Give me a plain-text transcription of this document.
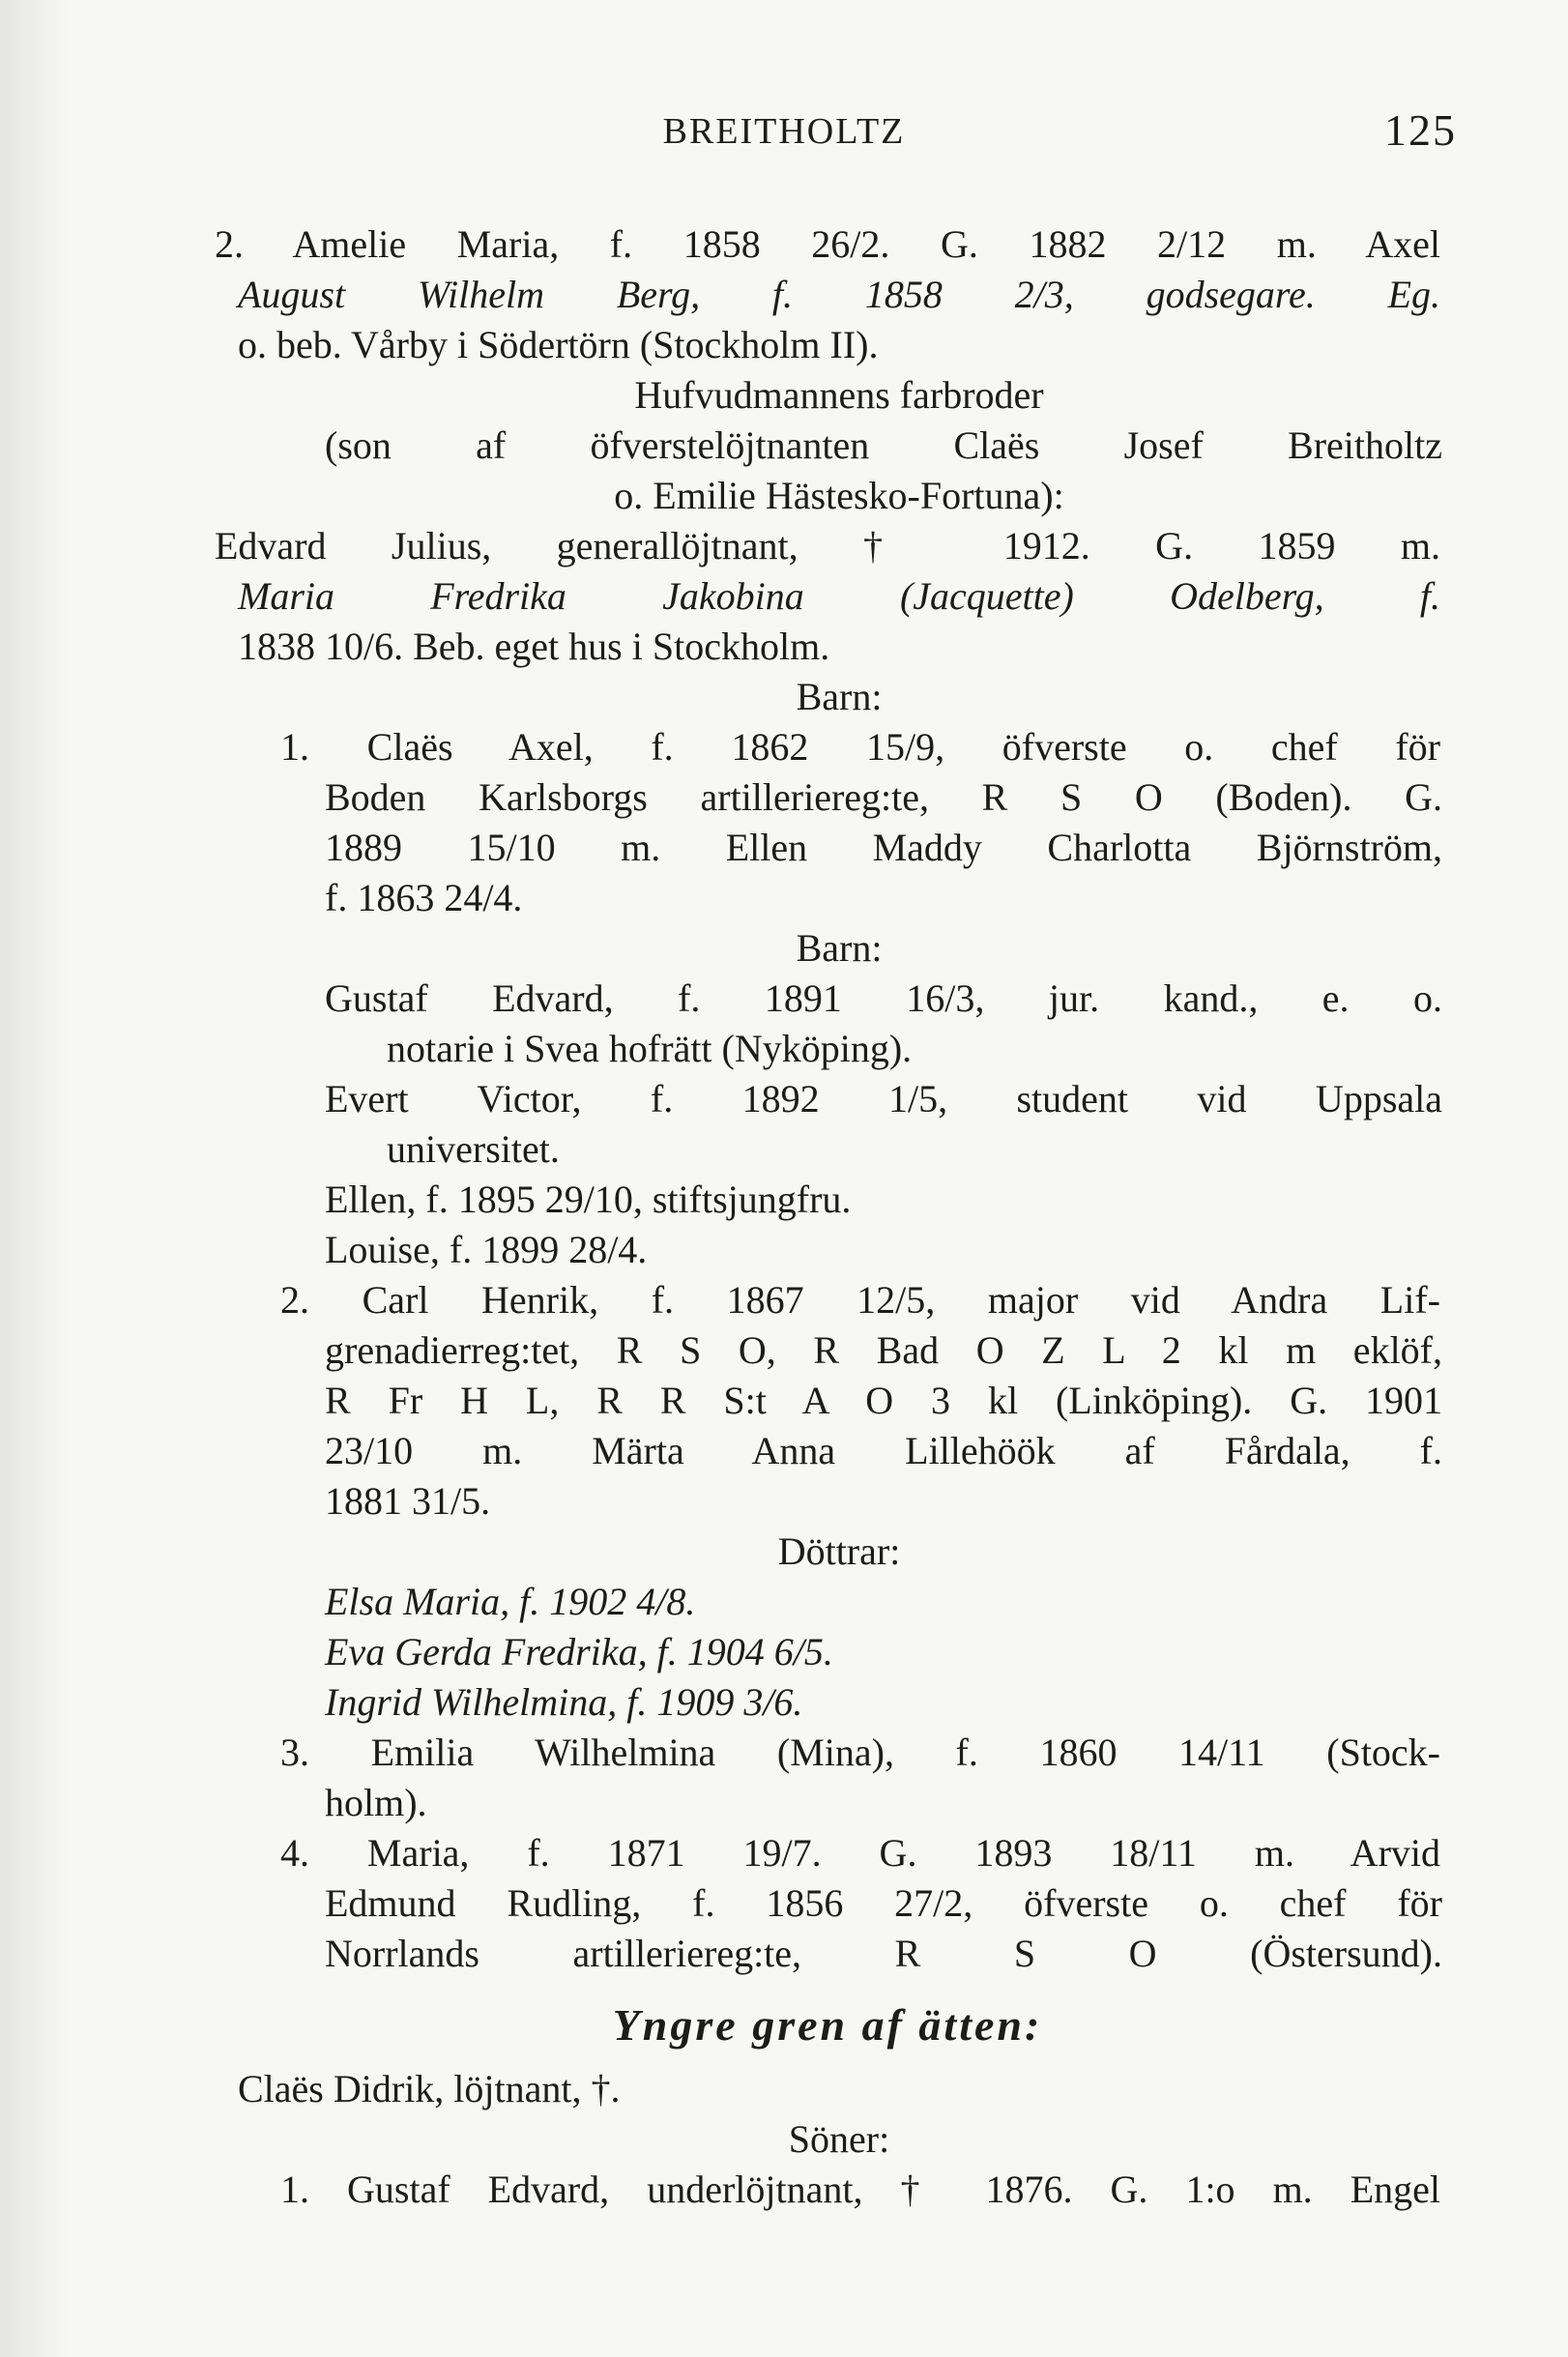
BREITHOLTZ	125
2. Amelie Maria, f. 1858 26/2. G. 1882 2/12 m. Axel
August Wilhelm Berg, f. 1858 2/3, godsegare. Eg.
o. beb. Vårby i Södertörn (Stockholm II).
Hufvudmannens farbroder
(son af öfverstelöjtnanten Claës Josef Breitholtz
o. Emilie Hästesko-Fortuna):
Edvard Julius, generallöjtnant, † 1912. G. 1859 m.
Maria Fredrika Jakobina (Jacquette) Odelberg, f.
1838 10/6. Beb. eget hus i Stockholm.
Barn:
1. Claës Axel, f. 1862 15/9, öfverste o. chef för
Boden Karlsborgs artilleriereg:te, R S O (Boden). G.
1889 15/10 m. Ellen Maddy Charlotta Björnström,
f. 1863 24/4.
Barn:
Gustaf Edvard, f. 1891 16/3, jur. kand., e. o.
notarie i Svea hofrätt (Nyköping).
Evert Victor, f. 1892 1/5, student vid Uppsala
universitet.
Ellen, f. 1895 29/10, stiftsjungfru.
Louise, f. 1899 28/4.
2. Carl Henrik, f. 1867 12/5, major vid Andra Lif-
grenadierreg:tet, R S O, R Bad O Z L 2 kl m eklöf,
R Fr H L, R R S:t A O 3 kl (Linköping). G. 1901
23/10 m. Märta Anna Lillehöök af Fårdala, f.
1881 31/5.
Döttrar:
Elsa Maria, f. 1902 4/8.
Eva Gerda Fredrika, f. 1904 6/5.
Ingrid Wilhelmina, f. 1909 3/6.
3. Emilia Wilhelmina (Mina), f. 1860 14/11 (Stock-
holm).
4. Maria, f. 1871 19/7. G. 1893 18/11 m. Arvid
Edmund Rudling, f. 1856 27/2, öfverste o. chef för
Norrlands artilleriereg:te, R S O (Östersund).
Yngre gren af ätten:
Claës Didrik, löjtnant, †.
Söner:
1. Gustaf Edvard, underlöjtnant, † 1876. G. 1:o m. Engel
